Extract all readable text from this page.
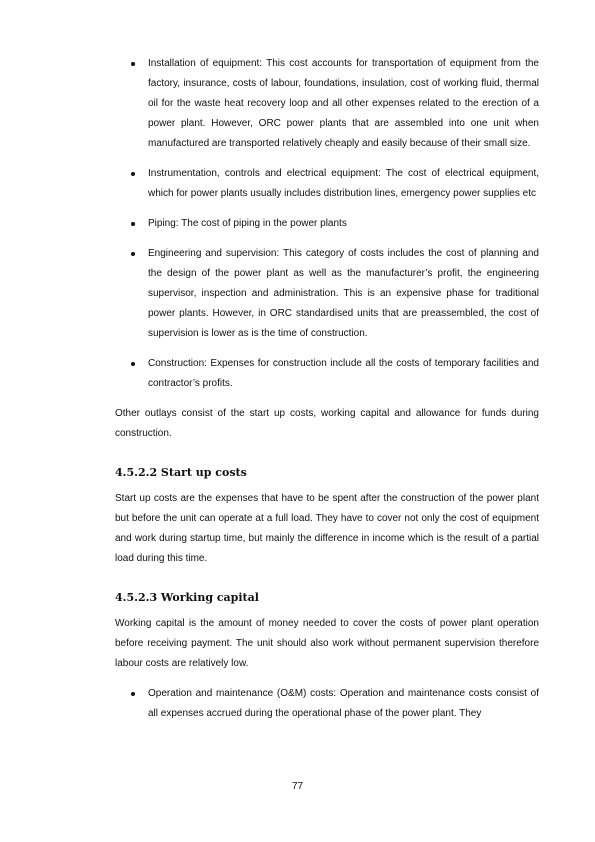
Installation of equipment: This cost accounts for transportation of equipment from the factory, insurance, costs of labour, foundations, insulation, cost of working fluid, thermal oil for the waste heat recovery loop and all other expenses related to the erection of a power plant. However, ORC power plants that are assembled into one unit when manufactured are transported relatively cheaply and easily because of their small size.

Instrumentation, controls and electrical equipment: The cost of electrical equipment, which for power plants usually includes distribution lines, emergency power supplies etc

Piping: The cost of piping in the power plants

Engineering and supervision: This category of costs includes the cost of planning and the design of the power plant as well as the manufacturer’s profit, the engineering supervisor, inspection and administration. This is an expensive phase for traditional power plants. However, in ORC standardised units that are preassembled, the cost of supervision is lower as is the time of construction.

Construction: Expenses for construction include all the costs of temporary facilities and contractor’s profits.

Other outlays consist of the start up costs, working capital and allowance for funds during construction.

4.5.2.2 Start up costs

Start up costs are the expenses that have to be spent after the construction of the power plant but before the unit can operate at a full load. They have to cover not only the cost of equipment and work during startup time, but mainly the difference in income which is the result of a partial load during this time.

4.5.2.3 Working capital

Working capital is the amount of money needed to cover the costs of power plant operation before receiving payment. The unit should also work without permanent supervision therefore labour costs are relatively low.

Operation and maintenance (O&M) costs: Operation and maintenance costs consist of all expenses accrued during the operational phase of the power plant. They

77
